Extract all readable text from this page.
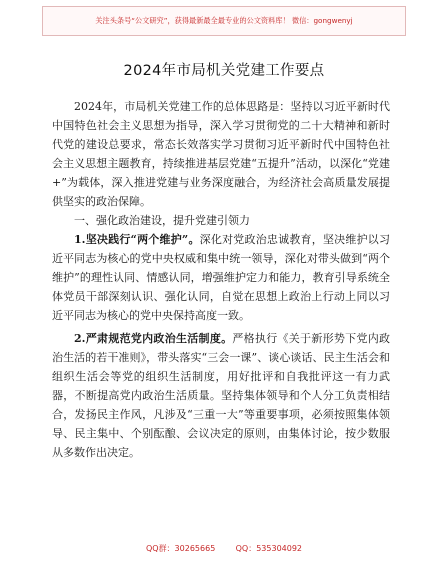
关注头条号“公文研究”，获得最新最全最专业的公文资料库！ 微信：gongwenyj
2024年市局机关党建工作要点

2024年，市局机关党建工作的总体思路是：坚持以习近平新时代中国特色社会主义思想为指导，深入学习贯彻党的二十大精神和新时代党的建设总要求，常态长效落实学习贯彻习近平新时代中国特色社会主义思想主题教育，持续推进基层党建“五提升”活动，以深化“党建+”为载体，深入推进党建与业务深度融合，为经济社会高质量发展提供坚实的政治保障。

一、强化政治建设，提升党建引领力

1.坚决践行“两个维护”。深化对党政治忠诚教育，坚决维护以习近平同志为核心的党中央权威和集中统一领导，深化对带头做到“两个维护”的理性认同、情感认同，增强维护定力和能力，教育引导系统全体党员干部深刻认识、强化认同，自觉在思想上政治上行动上同以习近平同志为核心的党中央保持高度一致。

2.严肃规范党内政治生活制度。严格执行《关于新形势下党内政治生活的若干准则》，带头落实“三会一课”、谈心谈话、民主生活会和组织生活会等党的组织生活制度，用好批评和自我批评这一有力武器，不断提高党内政治生活质量。坚持集体领导和个人分工负责相结合，发扬民主作风，凡涉及“三重一大”等重要事项，必须按照集体领导、民主集中、个别酝酿、会议决定的原则，由集体讨论，按少数服从多数作出决定。

QQ群：30265665	QQ：535304092
